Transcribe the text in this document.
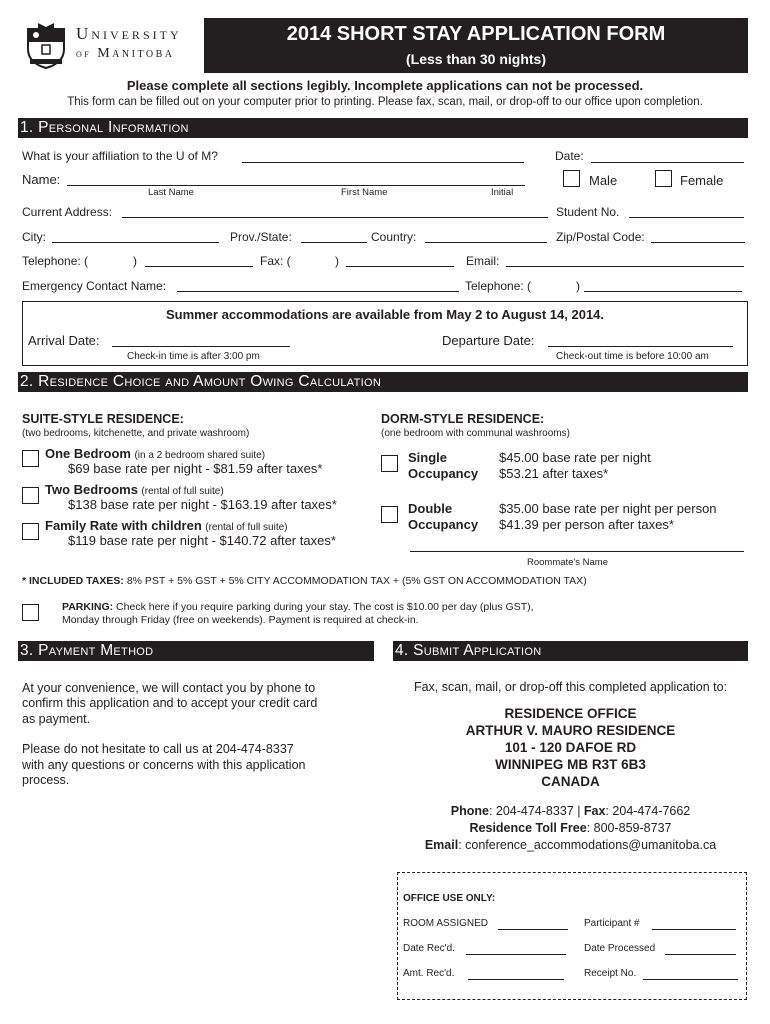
University
of Manitoba
2014 SHORT STAY APPLICATION FORM
(Less than 30 nights)
Please complete all sections legibly. Incomplete applications can not be processed.
This form can be filled out on your computer prior to printing. Please fax, scan, mail, or drop-off to our office upon completion.
1. Personal Information
What is your affiliation to the U of M?	Date:
Name:
Last Name	First Name	Initial
Male	Female
Current Address:	Student No.
City:	Prov./State:	Country:	Zip/Postal Code:
Telephone: (	)	Fax: (	)	Email:
Emergency Contact Name:	Telephone: (	)
Summer accommodations are available from May 2 to August 14, 2014.
Arrival Date:	Departure Date:
Check-in time is after 3:00 pm	Check-out time is before 10:00 am
2. Residence Choice and Amount Owing Calculation
SUITE-STYLE RESIDENCE:
(two bedrooms, kitchenette, and private washroom)
DORM-STYLE RESIDENCE:
(one bedroom with communal washrooms)
One Bedroom (in a 2 bedroom shared suite)
$69 base rate per night - $81.59 after taxes*
Two Bedrooms (rental of full suite)
$138 base rate per night - $163.19 after taxes*
Family Rate with children (rental of full suite)
$119 base rate per night - $140.72 after taxes*
Single
Occupancy
$45.00 base rate per night
$53.21 after taxes*
Double
Occupancy
$35.00 base rate per night per person
$41.39 per person after taxes*
Roommate's Name
* INCLUDED TAXES: 8% PST + 5% GST + 5% CITY ACCOMMODATION TAX + (5% GST ON ACCOMMODATION TAX)
PARKING: Check here if you require parking during your stay. The cost is $10.00 per day (plus GST),
Monday through Friday (free on weekends). Payment is required at check-in.
3. Payment Method
At your convenience, we will contact you by phone to
confirm this application and to accept your credit card
as payment.
Please do not hesitate to call us at 204-474-8337
with any questions or concerns with this application
process.
4. Submit Application
Fax, scan, mail, or drop-off this completed application to:
RESIDENCE OFFICE
ARTHUR V. MAURO RESIDENCE
101 - 120 DAFOE RD
WINNIPEG MB R3T 6B3
CANADA
Phone: 204-474-8337 | Fax: 204-474-7662
Residence Toll Free: 800-859-8737
Email: conference_accommodations@umanitoba.ca
OFFICE USE ONLY:
ROOM ASSIGNED	Participant #
Date Rec'd.	Date Processed
Amt. Rec'd.	Receipt No.
